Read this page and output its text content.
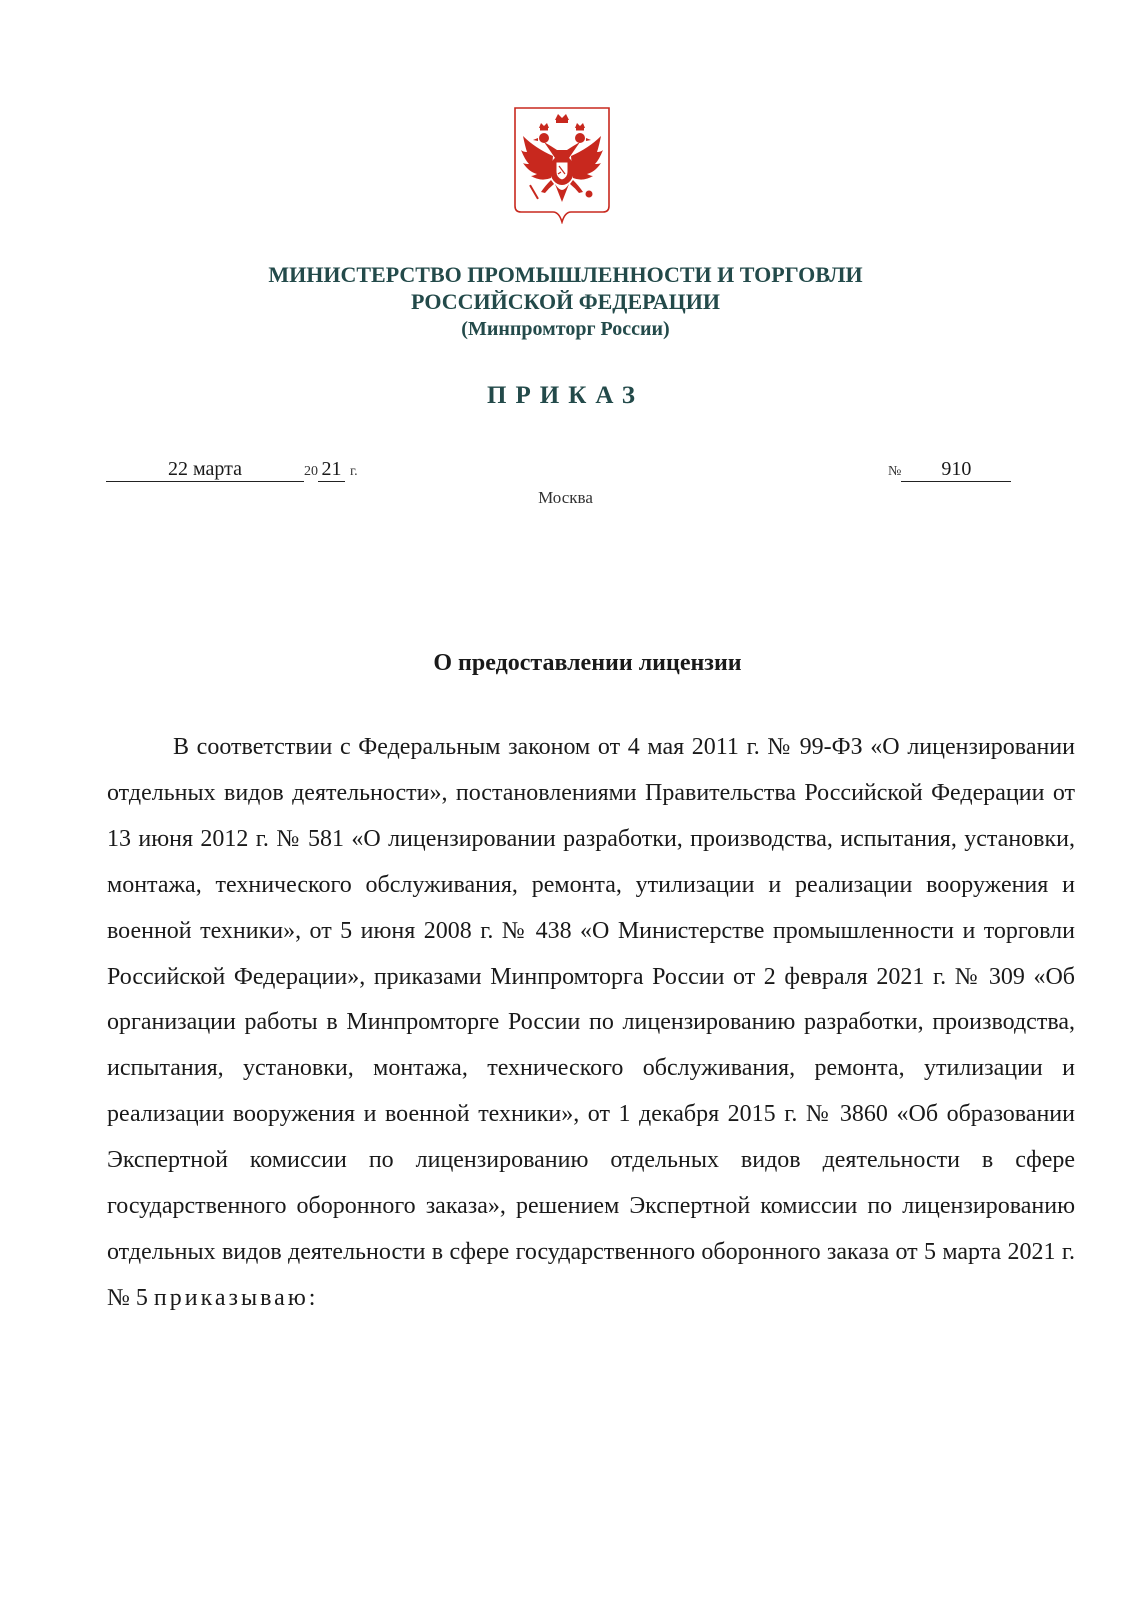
МИНИСТЕРСТВО ПРОМЫШЛЕННОСТИ И ТОРГОВЛИ
РОССИЙСКОЙ ФЕДЕРАЦИИ
(Минпромторг России)
ПРИКАЗ
22 марта	20 21 г.	№ 910
Москва
О предоставлении лицензии

В соответствии с Федеральным законом от 4 мая 2011 г. № 99-ФЗ «О лицензировании отдельных видов деятельности», постановлениями Правительства Российской Федерации от 13 июня 2012 г. № 581 «О лицензировании разработки, производства, испытания, установки, монтажа, технического обслуживания, ремонта, утилизации и реализации вооружения и военной техники», от 5 июня 2008 г. № 438 «О Министерстве промышленности и торговли Российской Федерации», приказами Минпромторга России от 2 февраля 2021 г. № 309 «Об организации работы в Минпромторге России по лицензированию разработки, производства, испытания, установки, монтажа, технического обслуживания, ремонта, утилизации и реализации вооружения и военной техники», от 1 декабря 2015 г. № 3860 «Об образовании Экспертной комиссии по лицензированию отдельных видов деятельности в сфере государственного оборонного заказа», решением Экспертной комиссии по лицензированию отдельных видов деятельности в сфере государственного оборонного заказа от 5 марта 2021 г. № 5 приказываю:
